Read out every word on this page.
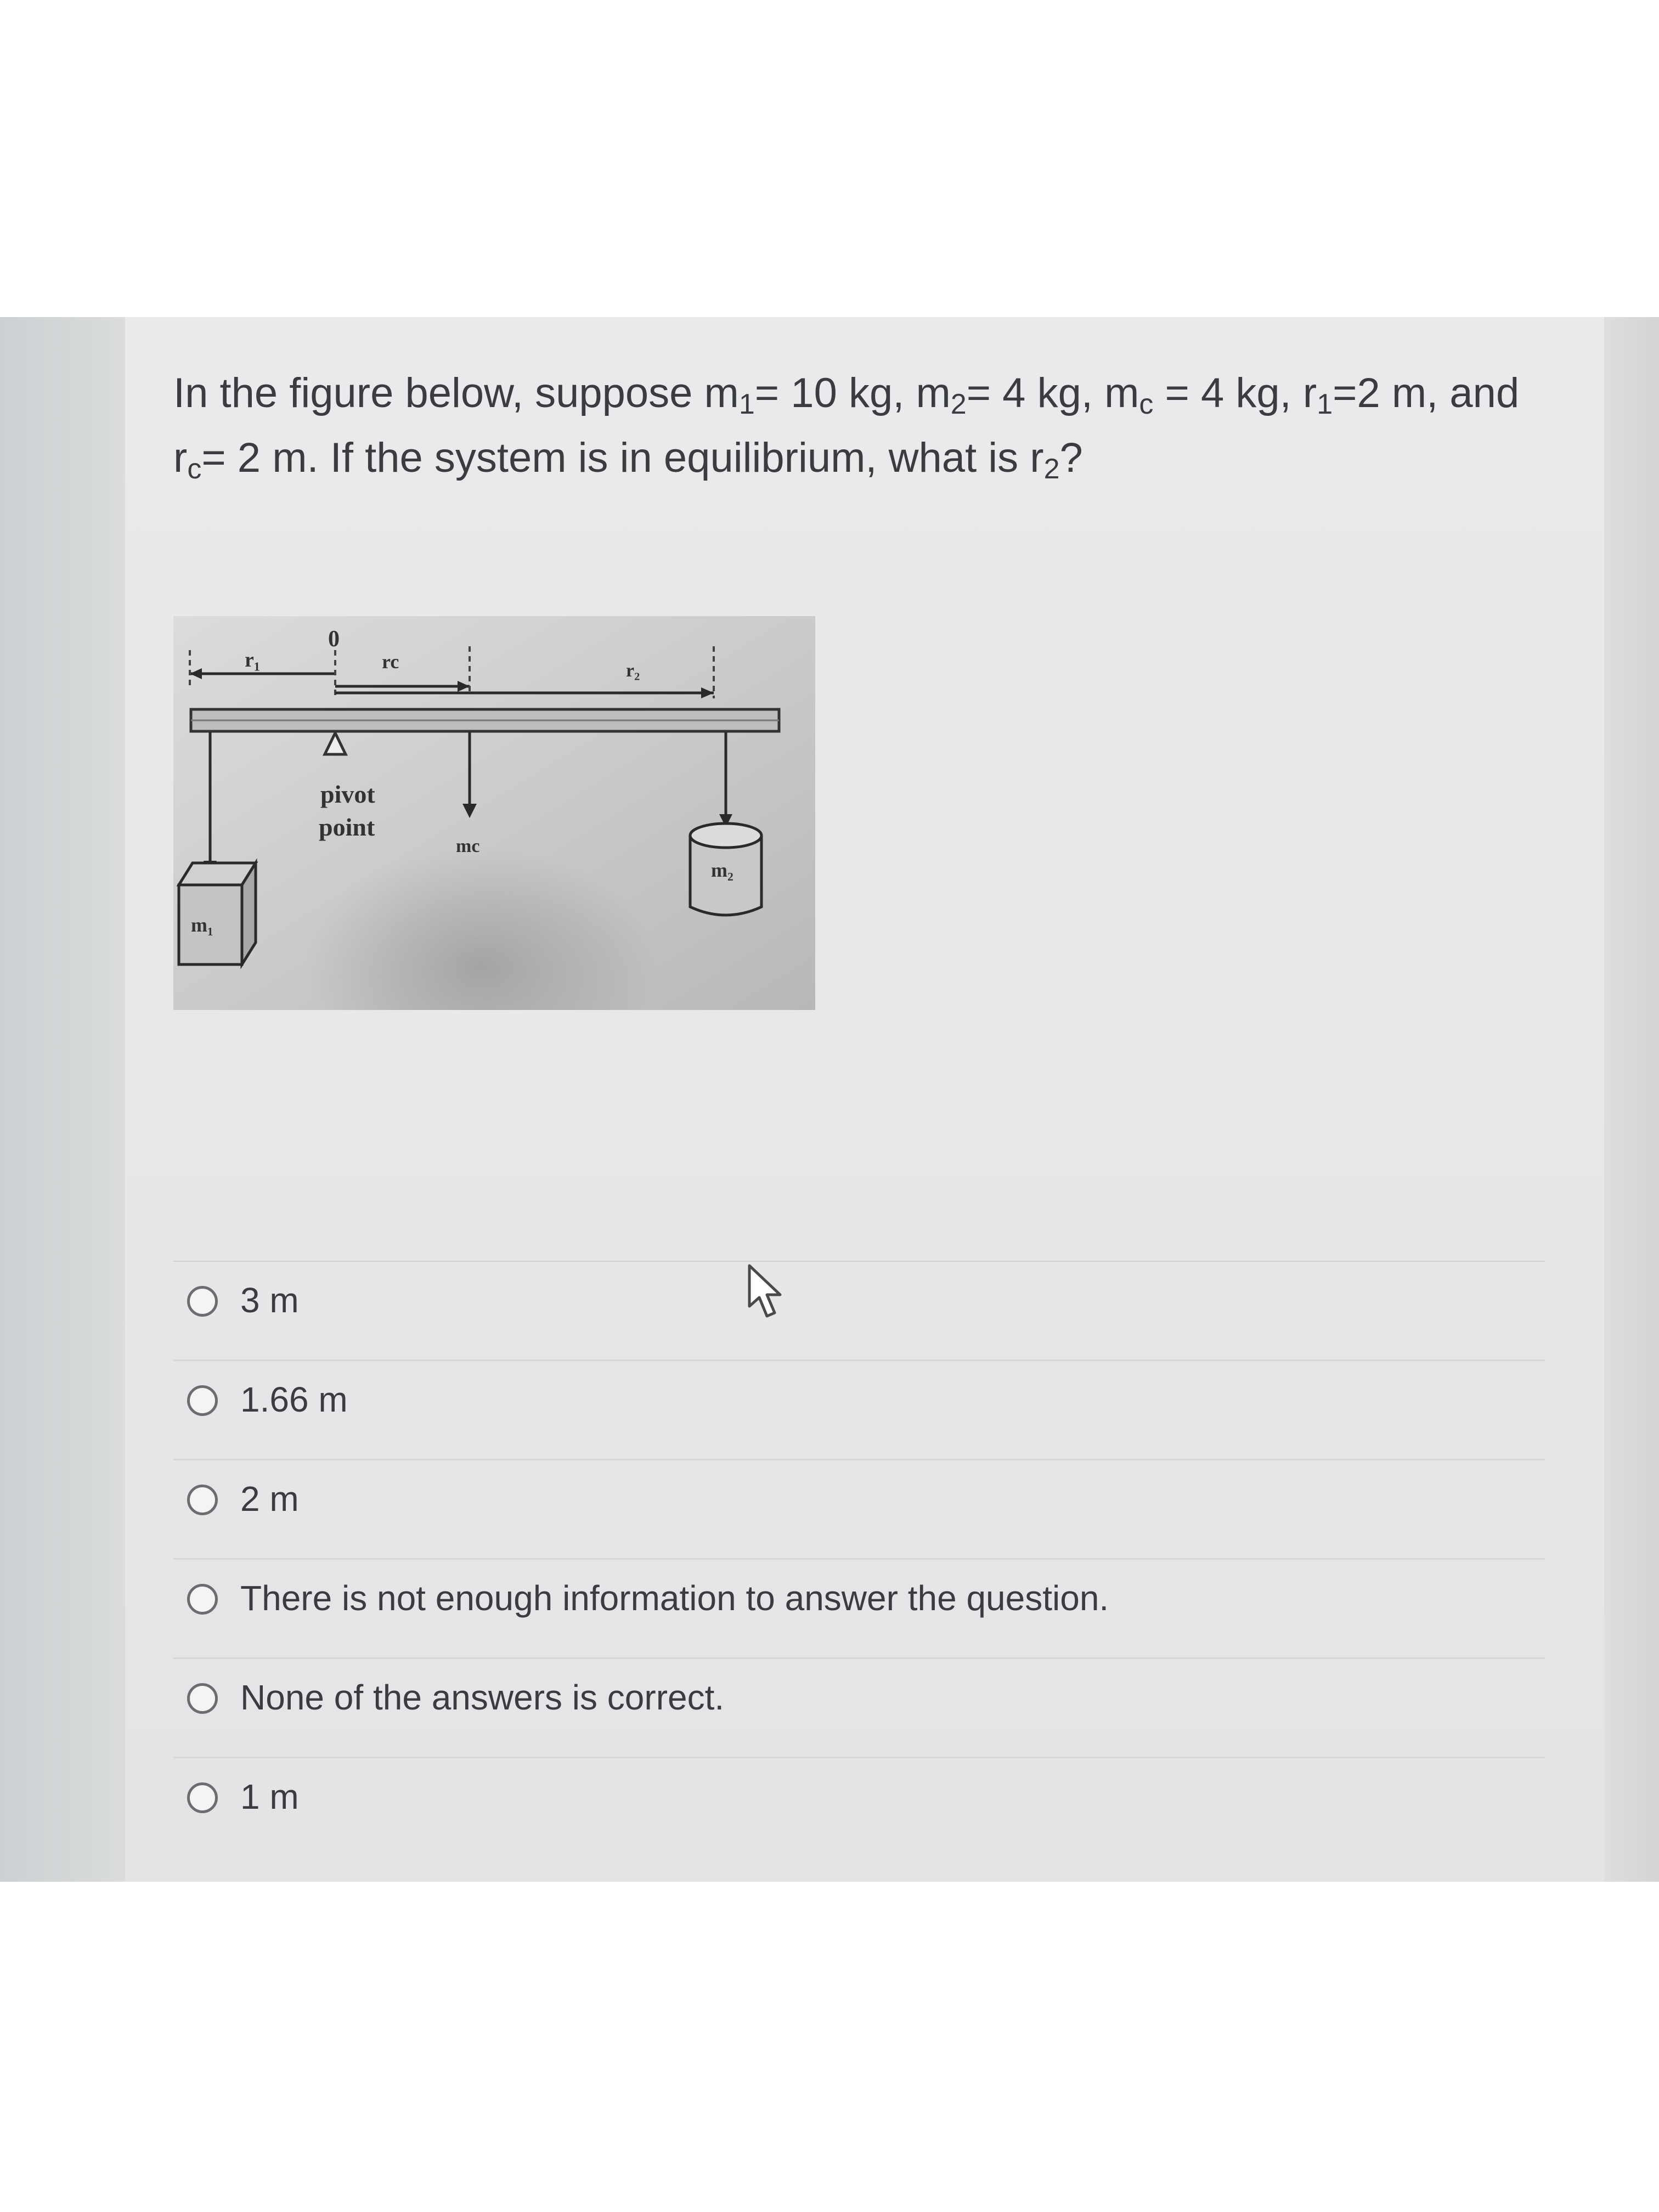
In the figure below, suppose $m_1= 10$ kg, $m_2= 4$ kg, $m_c = 4$ kg, $r_1=2$ m, and
$r_c= 2$ m. If the system is in equilibrium, what is $r_2$?
r₁
0
rc	r₂
pivot
point
mc
m₁
m₂
3 m
1.66 m
2 m
There is not enough information to answer the question.
None of the answers is correct.
1 m
